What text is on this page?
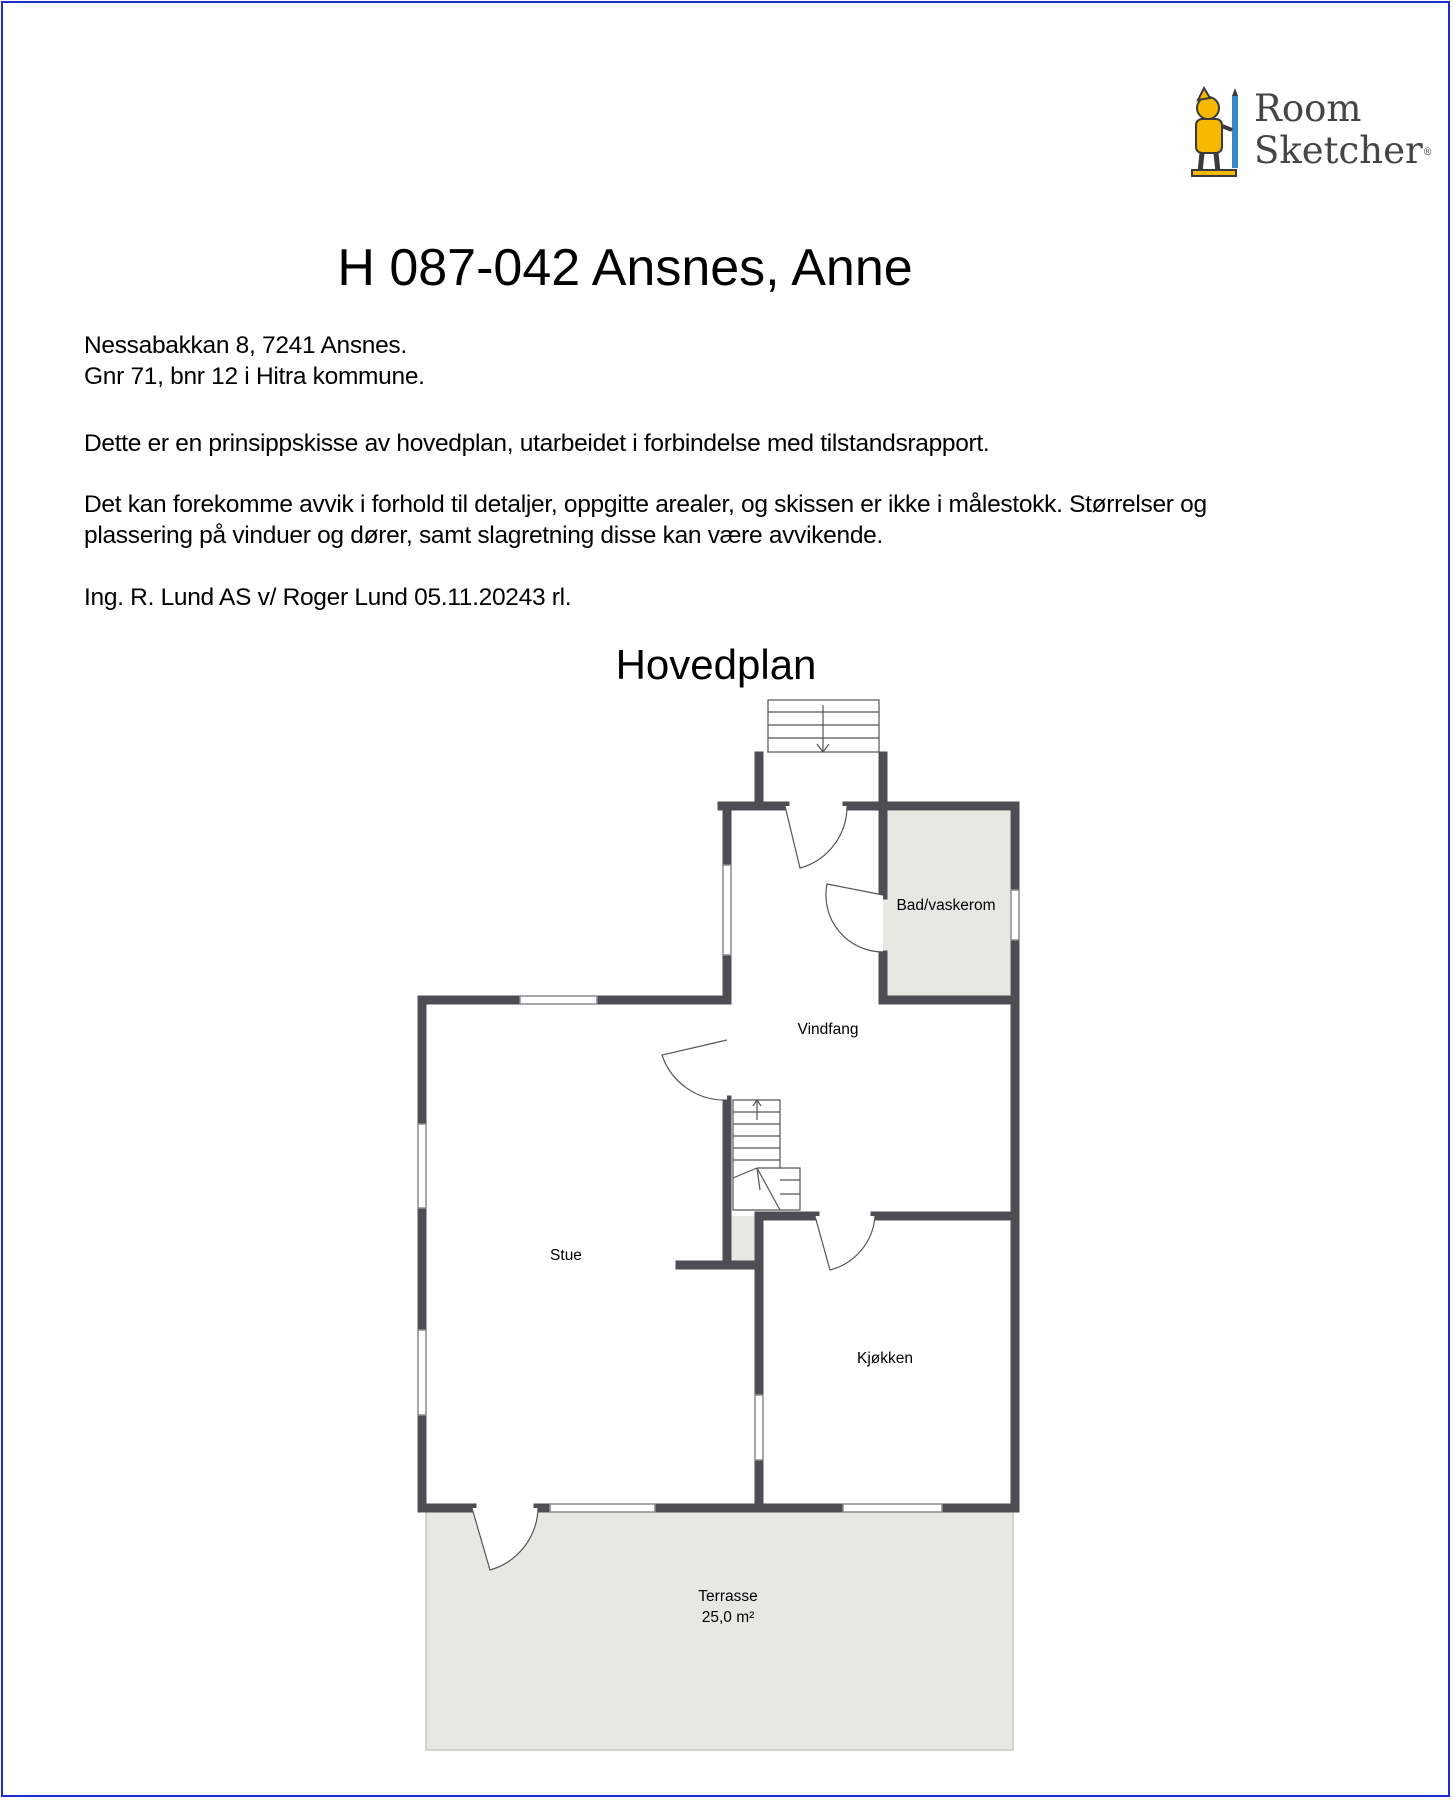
Room
Sketcher®
H 087-042 Ansnes, Anne
Nessabakkan 8, 7241 Ansnes.
Gnr 71, bnr 12 i Hitra kommune.
Dette er en prinsippskisse av hovedplan, utarbeidet i forbindelse med tilstandsrapport.
Det kan forekomme avvik i forhold til detaljer, oppgitte arealer, og skissen er ikke i målestokk. Størrelser og
plassering på vinduer og dører, samt slagretning disse kan være avvikende.
Ing. R. Lund AS v/ Roger Lund 05.11.20243 rl.
Hovedplan
Bad/vaskerom
Vindfang
Stue
Kjøkken
Terrasse
25,0 m²
